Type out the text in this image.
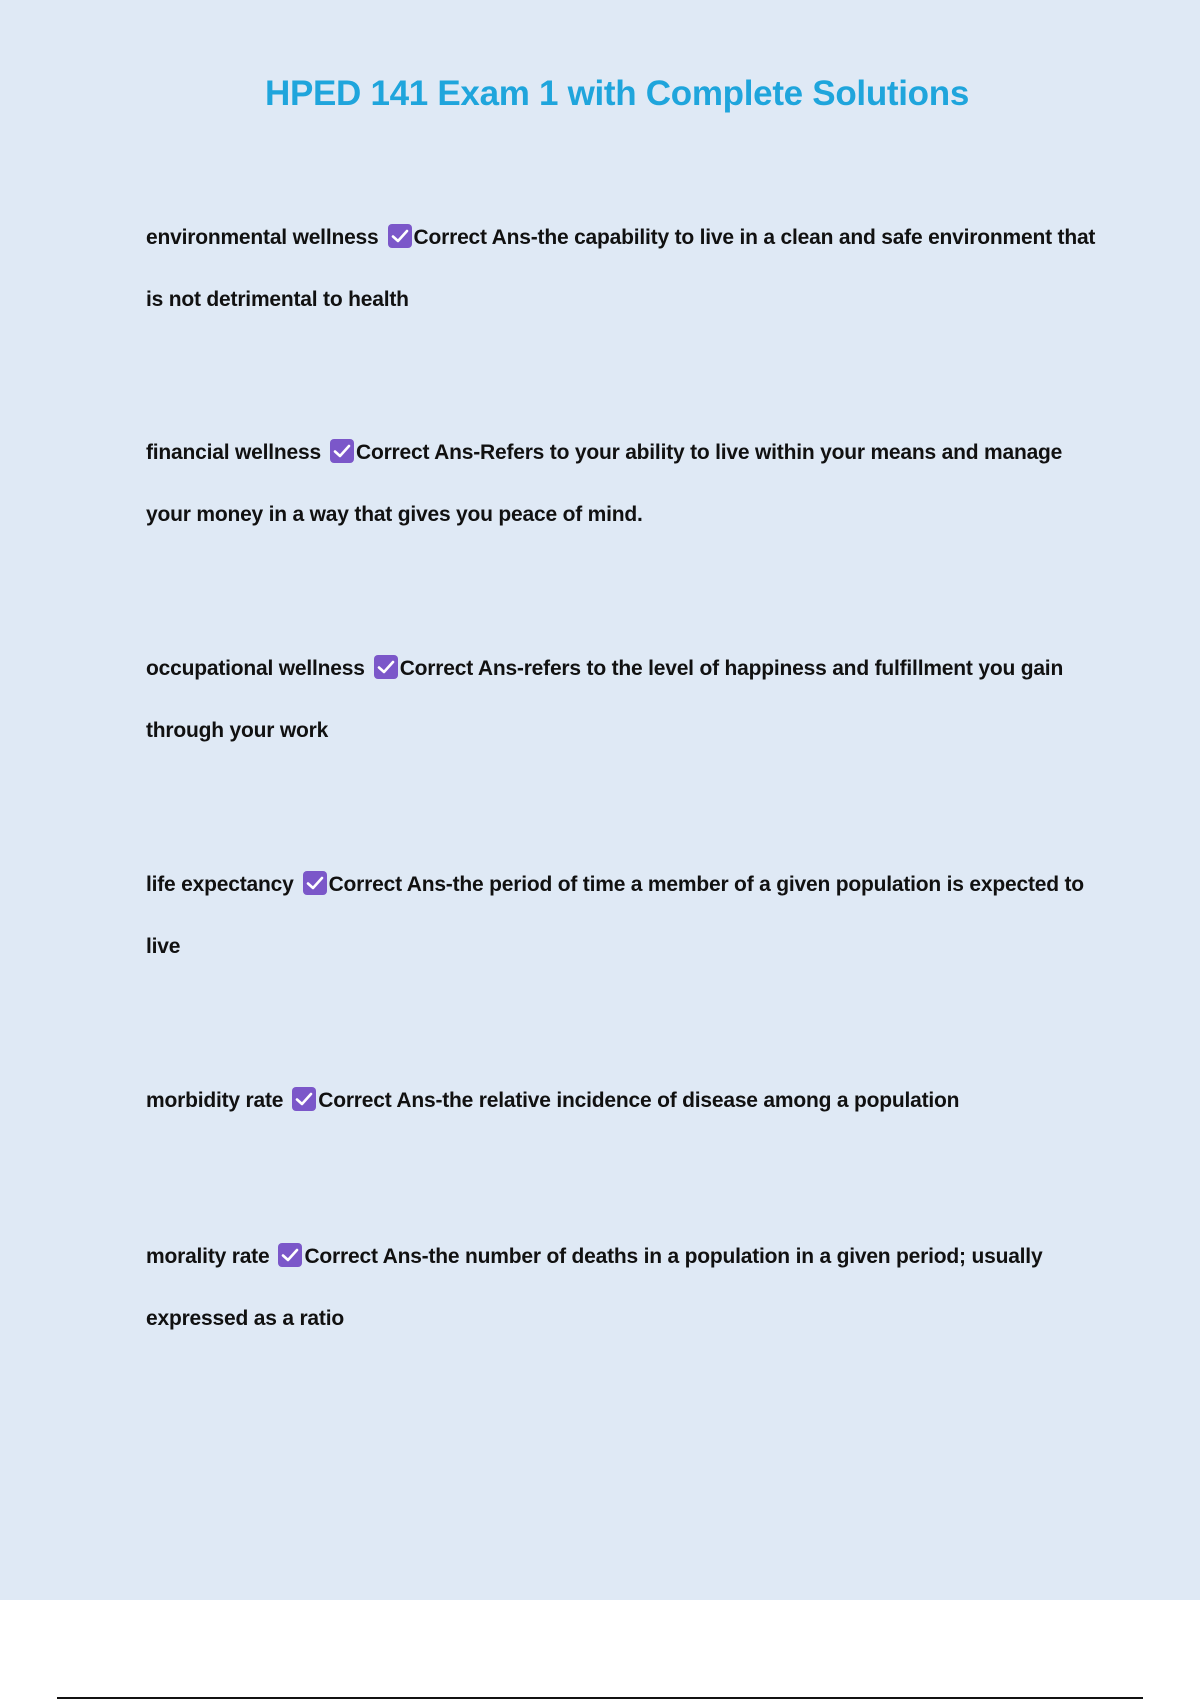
HPED 141 Exam 1 with Complete Solutions
environmental wellness Correct Ans-the capability to live in a clean and safe environment that is not detrimental to health
financial wellness Correct Ans-Refers to your ability to live within your means and manage your money in a way that gives you peace of mind.
occupational wellness Correct Ans-refers to the level of happiness and fulfillment you gain through your work
life expectancy Correct Ans-the period of time a member of a given population is expected to live
morbidity rate Correct Ans-the relative incidence of disease among a population
morality rate Correct Ans-the number of deaths in a population in a given period; usually expressed as a ratio
